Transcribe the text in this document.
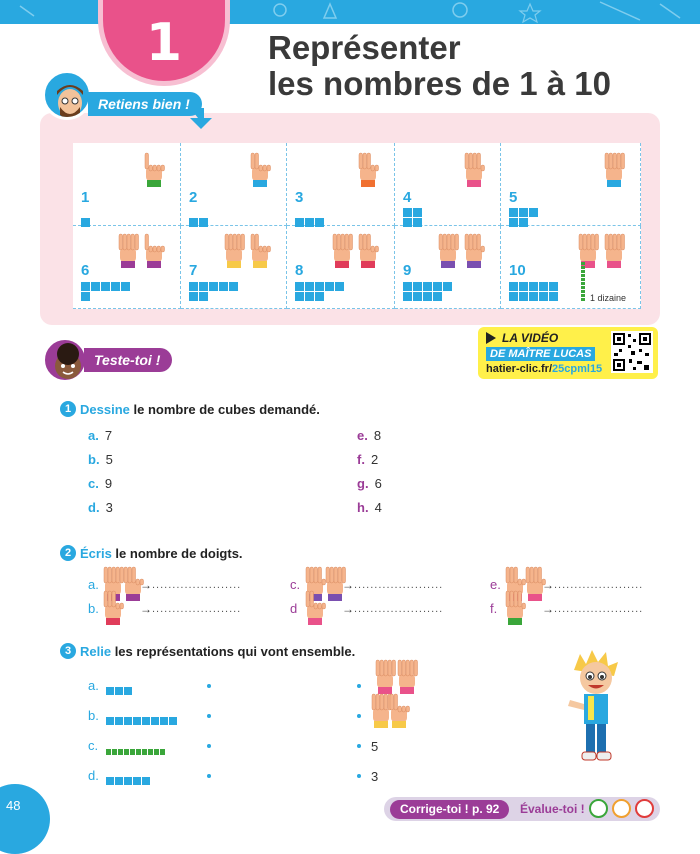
1	Représenter
les nombres de 1 à 10
Retiens bien !
1	2	3	4	5
6	7	8	9	10
1 dizaine
LA VIDÉO
DE MAÎTRE LUCAS
hatier-clic.fr/25cpml15
Teste-toi !
1 Dessine le nombre de cubes demandé.
a. 7
b. 5
c. 9
d. 3
e. 8
f. 2
g. 6
h. 4
2 Écris le nombre de doigts.
a.	→ ......................
b.	→ ......................
c.	→ ......................
d	→ ......................
e.	→ ......................
f.	→ ......................
3 Relie les représentations qui vont ensemble.
a.
b.
c.
d.
5
3
48	Corrige-toi ! p. 92	Évalue-toi !
